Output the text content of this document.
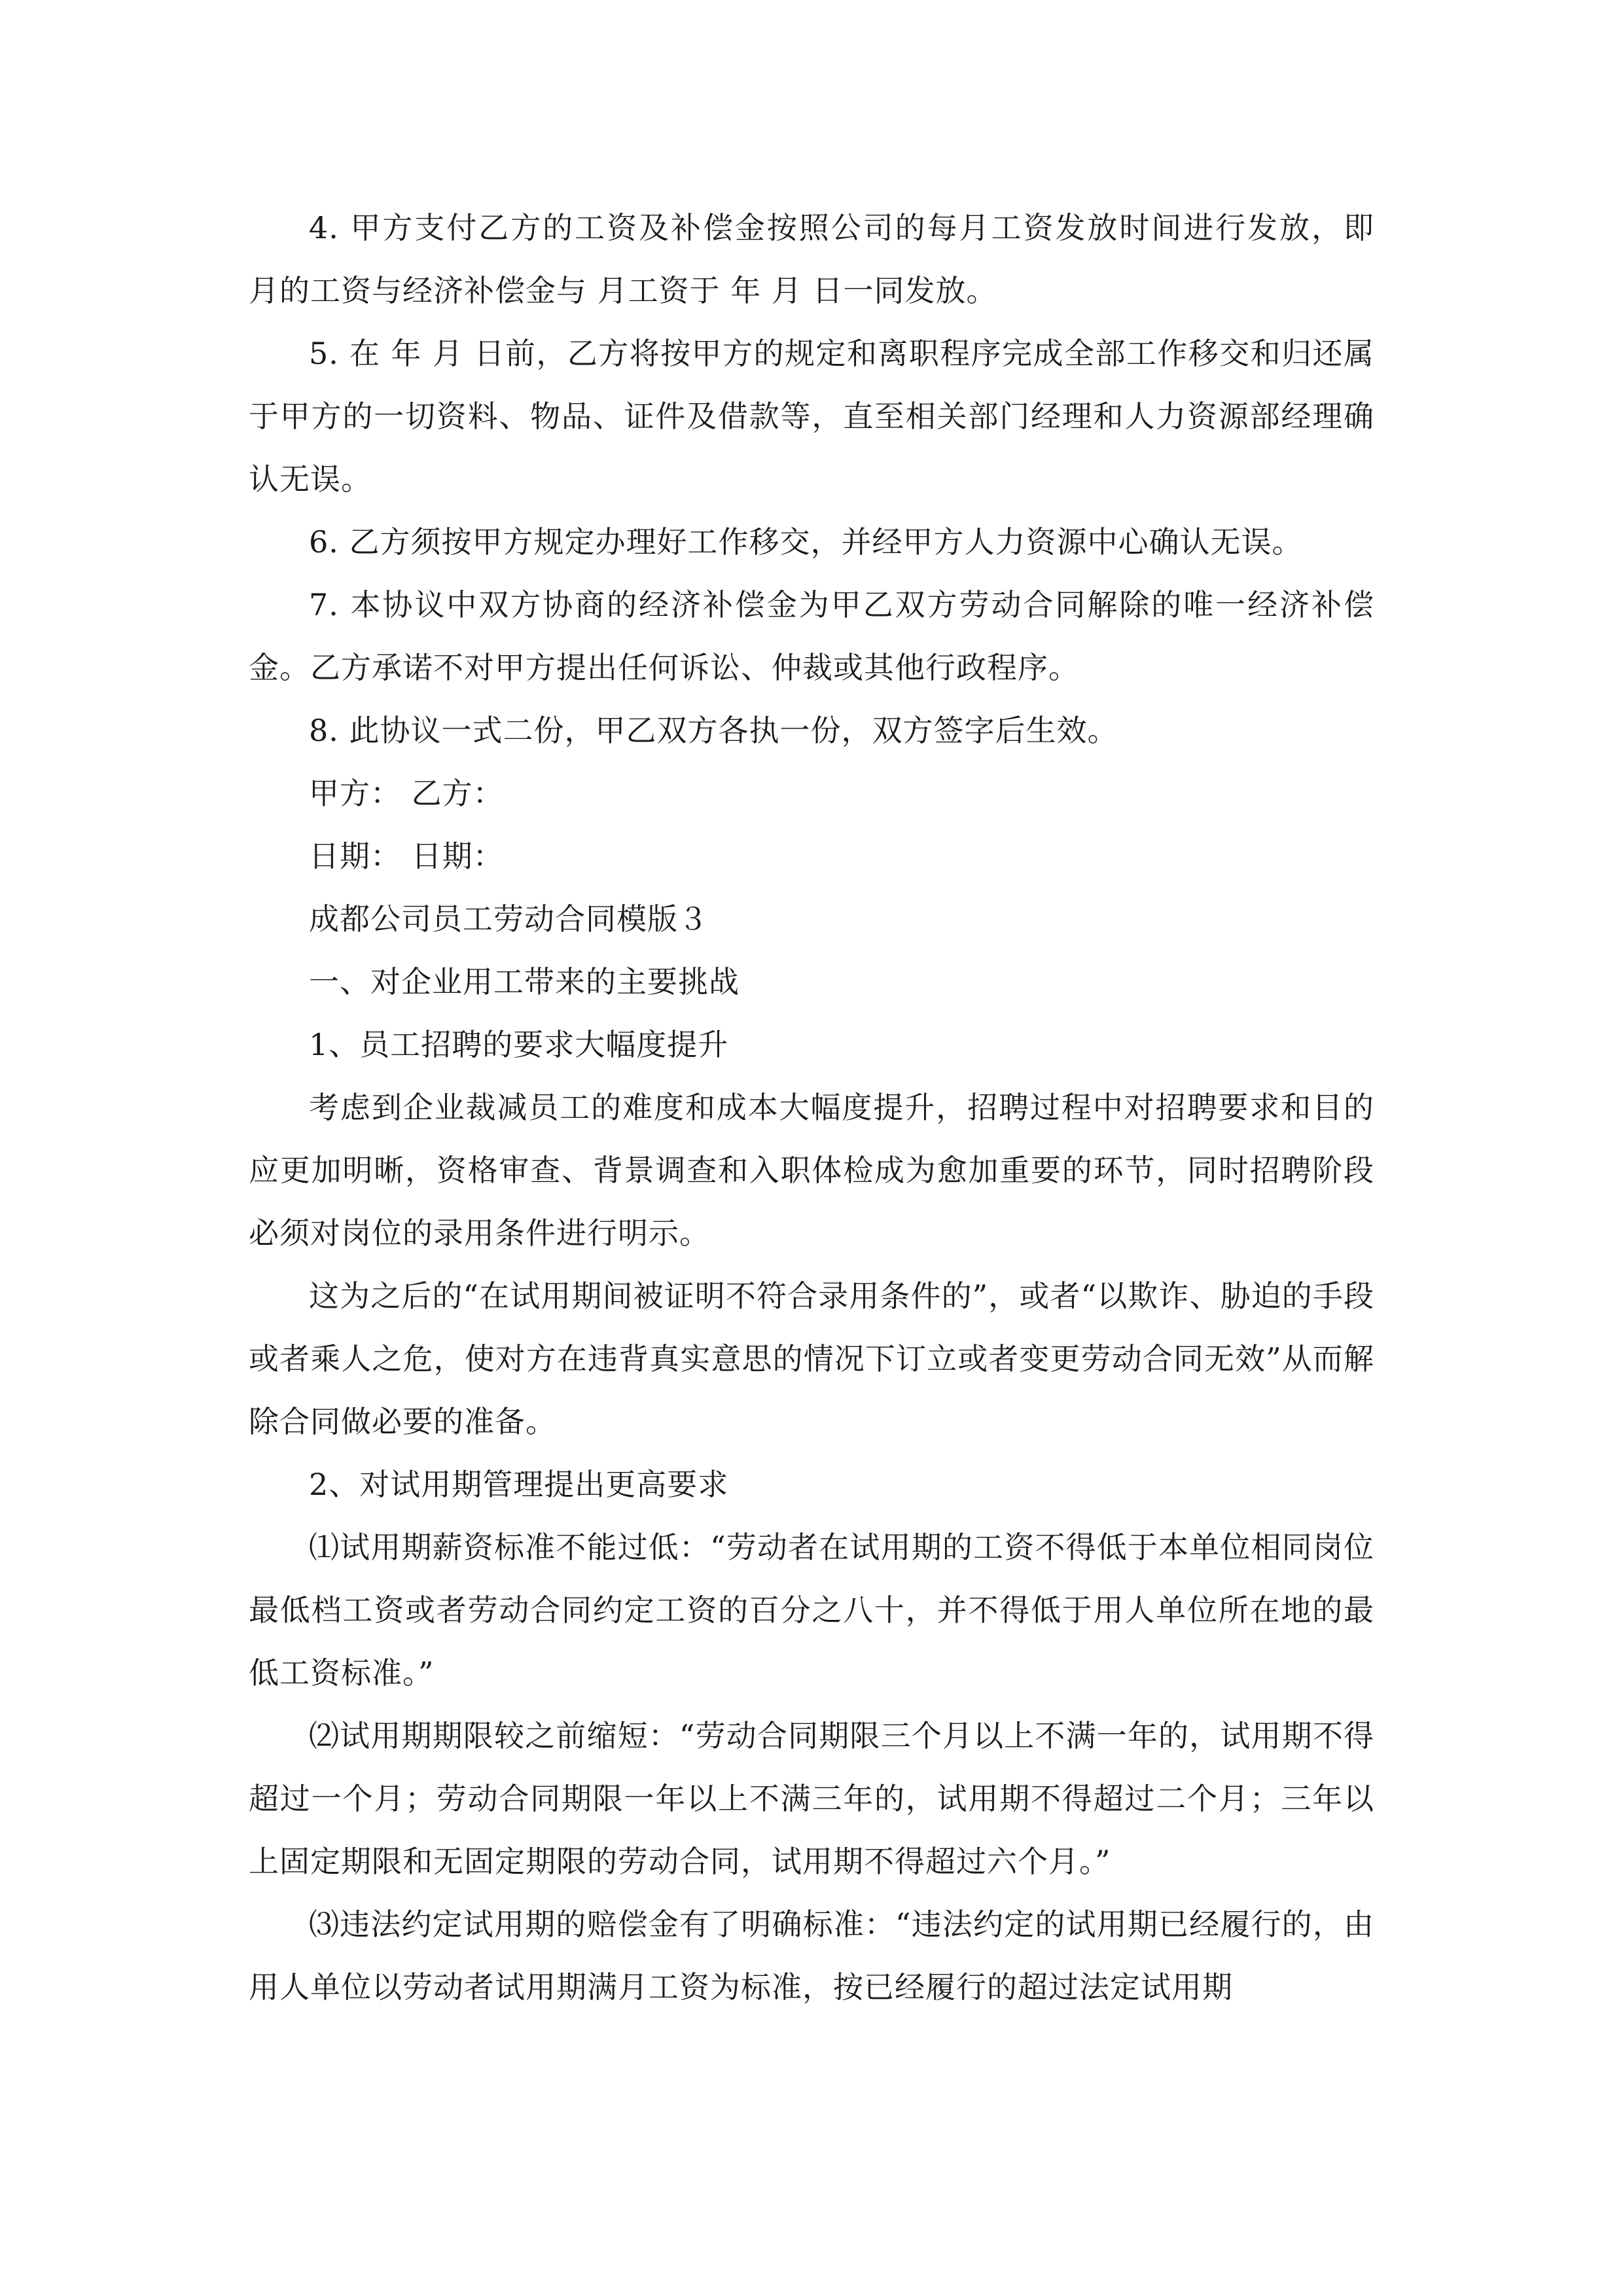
4. 甲方支付乙方的工资及补偿金按照公司的每月工资发放时间进行发放，即 月的工资与经济补偿金与 月工资于 年 月 日一同发放。

5. 在 年 月 日前，乙方将按甲方的规定和离职程序完成全部工作移交和归还属于甲方的一切资料、物品、证件及借款等，直至相关部门经理和人力资源部经理确认无误。

6. 乙方须按甲方规定办理好工作移交，并经甲方人力资源中心确认无误。

7. 本协议中双方协商的经济补偿金为甲乙双方劳动合同解除的唯一经济补偿金。乙方承诺不对甲方提出任何诉讼、仲裁或其他行政程序。

8. 此协议一式二份，甲乙双方各执一份，双方签字后生效。

甲方： 乙方：

日期： 日期：

成都公司员工劳动合同模版３

一、对企业用工带来的主要挑战

1、员工招聘的要求大幅度提升

考虑到企业裁减员工的难度和成本大幅度提升，招聘过程中对招聘要求和目的应更加明晰，资格审查、背景调查和入职体检成为愈加重要的环节，同时招聘阶段必须对岗位的录用条件进行明示。

这为之后的“在试用期间被证明不符合录用条件的”，或者“以欺诈、胁迫的手段或者乘人之危，使对方在违背真实意思的情况下订立或者变更劳动合同无效”从而解除合同做必要的准备。

2、对试用期管理提出更高要求

⑴试用期薪资标准不能过低：“劳动者在试用期的工资不得低于本单位相同岗位最低档工资或者劳动合同约定工资的百分之八十，并不得低于用人单位所在地的最低工资标准。”

⑵试用期期限较之前缩短：“劳动合同期限三个月以上不满一年的，试用期不得超过一个月；劳动合同期限一年以上不满三年的，试用期不得超过二个月；三年以上固定期限和无固定期限的劳动合同，试用期不得超过六个月。”

⑶违法约定试用期的赔偿金有了明确标准：“违法约定的试用期已经履行的，由用人单位以劳动者试用期满月工资为标准，按已经履行的超过法定试用期
